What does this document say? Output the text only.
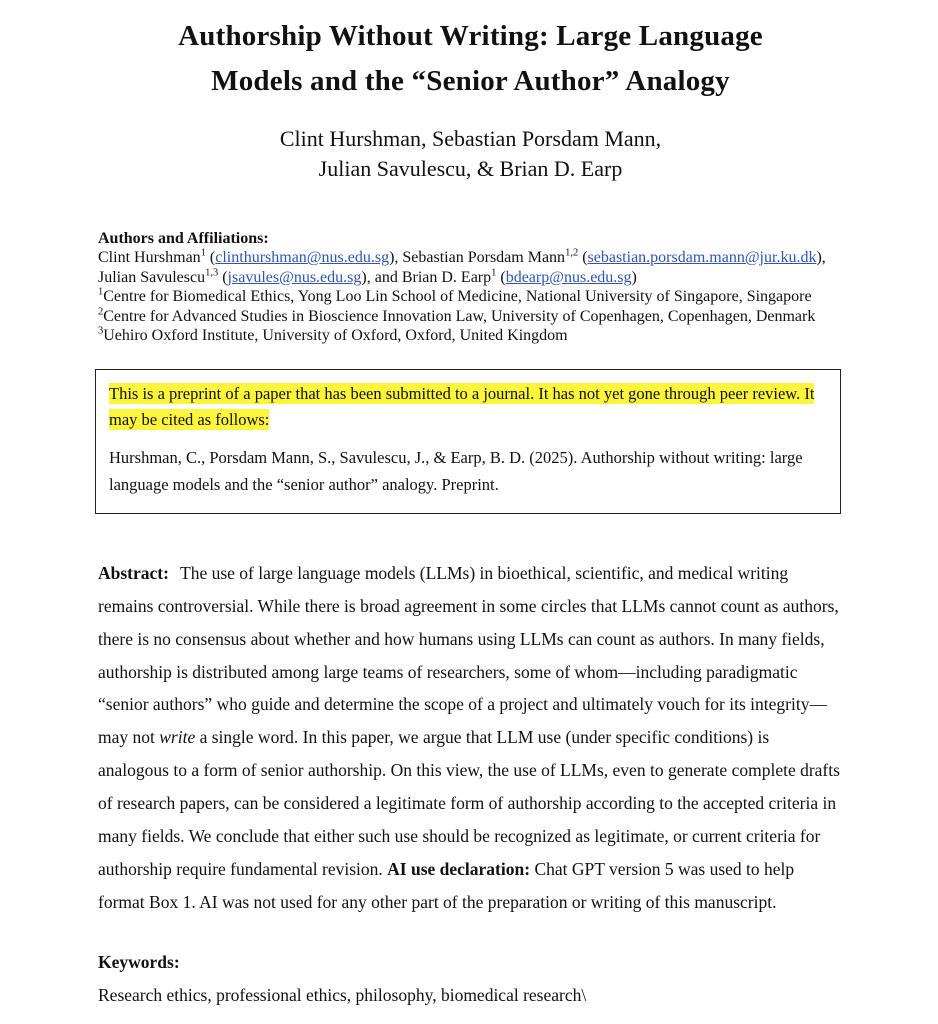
Authorship Without Writing: Large Language
Models and the “Senior Author” Analogy
Clint Hurshman, Sebastian Porsdam Mann,
Julian Savulescu, & Brian D. Earp
Authors and Affiliations:
Clint Hurshman$^1$ (clinthurshman@nus.edu.sg), Sebastian Porsdam Mann$^{1,2}$ (sebastian.porsdam.mann@jur.ku.dk), Julian Savulescu$^{1,3}$ (jsavules@nus.edu.sg), and Brian D. Earp$^1$ (bdearp@nus.edu.sg)
$^1$Centre for Biomedical Ethics, Yong Loo Lin School of Medicine, National University of Singapore, Singapore
$^2$Centre for Advanced Studies in Bioscience Innovation Law, University of Copenhagen, Copenhagen, Denmark
$^3$Uehiro Oxford Institute, University of Oxford, Oxford, United Kingdom

This is a preprint of a paper that has been submitted to a journal. It has not yet gone through peer review. It may be cited as follows:

Hurshman, C., Porsdam Mann, S., Savulescu, J., & Earp, B. D. (2025). Authorship without writing: large language models and the “senior author” analogy. Preprint.

Abstract: The use of large language models (LLMs) in bioethical, scientific, and medical writing remains controversial. While there is broad agreement in some circles that LLMs cannot count as authors, there is no consensus about whether and how humans using LLMs can count as authors. In many fields, authorship is distributed among large teams of researchers, some of whom—including paradigmatic “senior authors” who guide and determine the scope of a project and ultimately vouch for its integrity—may not write a single word. In this paper, we argue that LLM use (under specific conditions) is analogous to a form of senior authorship. On this view, the use of LLMs, even to generate complete drafts of research papers, can be considered a legitimate form of authorship according to the accepted criteria in many fields. We conclude that either such use should be recognized as legitimate, or current criteria for authorship require fundamental revision. AI use declaration: Chat GPT version 5 was used to help format Box 1. AI was not used for any other part of the preparation or writing of this manuscript.
Keywords:
Research ethics, professional ethics, philosophy, biomedical research\
